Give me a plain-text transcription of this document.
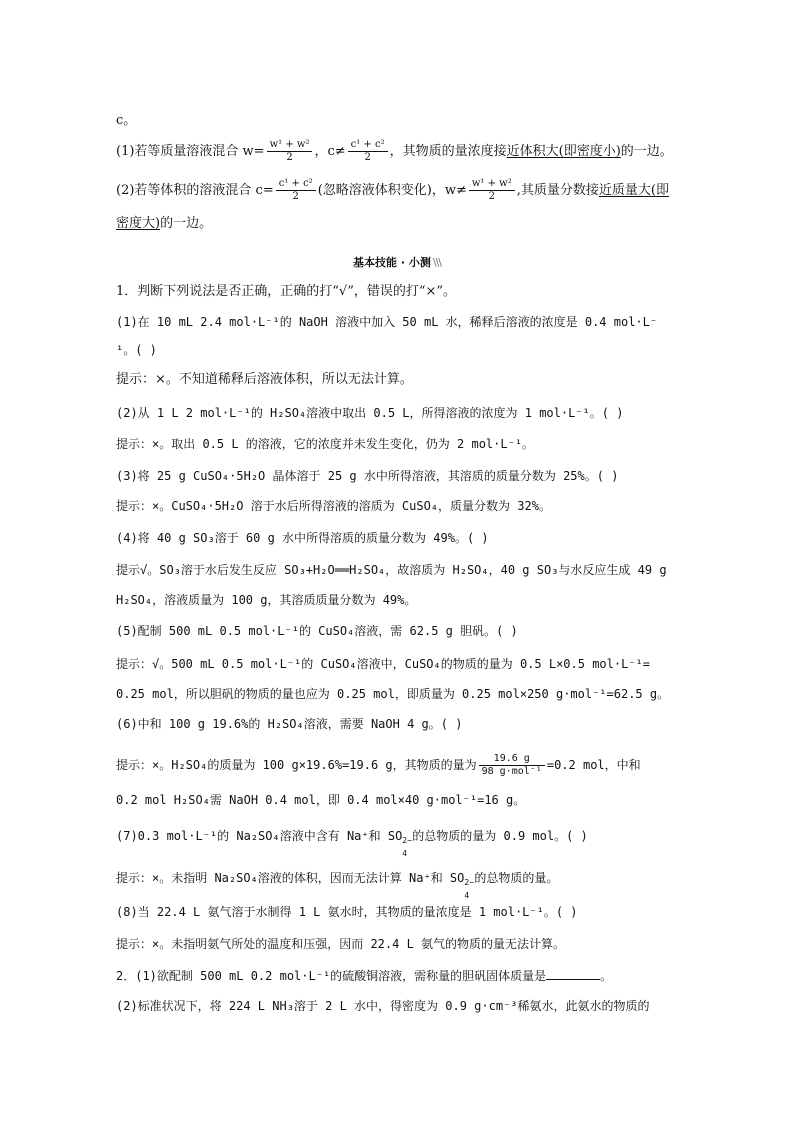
c。
(1)若等质量溶液混合 $w= \frac{\text{w¹ + w²}}{2}$ ，$c\ne \frac{\text{c¹ + c²}}{2}$ ，其物质的量浓度接近体积大(即密度小)的一边。
(2)若等体积的溶液混合 $c= \frac{\text{c¹ + c²}}{2}$ (忽略溶液体积变化)，$w\ne \frac{\text{w¹ + w²}}{2}$ ,其质量分数接近质量大(即
密度大)的一边。
基本技能 · 小测 \\\
1．判断下列说法是否正确，正确的打“√”，错误的打“×”。
(1)在 10 mL 2.4 mol·L⁻¹的 NaOH 溶液中加入 50 mL 水，稀释后溶液的浓度是 0.4 mol·L⁻
¹。( )
提示：×。不知道稀释后溶液体积，所以无法计算。
(2)从 1 L 2 mol·L⁻¹的 H₂SO₄溶液中取出 0.5 L，所得溶液的浓度为 1 mol·L⁻¹。( )
提示：×。取出 0.5 L 的溶液，它的浓度并未发生变化，仍为 2 mol·L⁻¹。
(3)将 25 g CuSO₄·5H₂O 晶体溶于 25 g 水中所得溶液，其溶质的质量分数为 25%。( )
提示：×。CuSO₄·5H₂O 溶于水后所得溶液的溶质为 CuSO₄，质量分数为 32%。
(4)将 40 g SO₃溶于 60 g 水中所得溶质的质量分数为 49%。( )
提示√。SO₃溶于水后发生反应 SO₃+H₂O══H₂SO₄，故溶质为 H₂SO₄，40 g SO₃与水反应生成 49 g
H₂SO₄，溶液质量为 100 g，其溶质质量分数为 49%。
(5)配制 500 mL 0.5 mol·L⁻¹的 CuSO₄溶液，需 62.5 g 胆矾。( )
提示：√。500 mL 0.5 mol·L⁻¹的 CuSO₄溶液中，CuSO₄的物质的量为 0.5 L×0.5 mol·L⁻¹=
0.25 mol，所以胆矾的物质的量也应为 0.25 mol，即质量为 0.25 mol×250 g·mol⁻¹=62.5 g。
(6)中和 100 g 19.6%的 H₂SO₄溶液，需要 NaOH 4 g。( )
提示：×。H₂SO₄的质量为 100 g×19.6%=19.6 g，其物质的量为 $\frac{19.6 g}{\text{98 g·mol⁻¹}} =0.2$ mol，中和
0.2 mol H₂SO₄需 NaOH 0.4 mol，即 0.4 mol×40 g·mol⁻¹=16 g。
(7)0.3 mol·L⁻¹的 Na₂SO₄溶液中含有 Na⁺和 SO 2−
4
的总物质的量为 0.9 mol。( )
提示：×。未指明 Na₂SO₄溶液的体积，因而无法计算 Na⁺和 SO 2−
4
的总物质的量。
(8)当 22.4 L 氨气溶于水制得 1 L 氨水时，其物质的量浓度是 1 mol·L⁻¹。( )
提示：×。未指明氨气所处的温度和压强，因而 22.4 L 氨气的物质的量无法计算。
2．(1)欲配制 500 mL 0.2 mol·L⁻¹的硫酸铜溶液，需称量的胆矾固体质量是	。
(2)标准状况下，将 224 L NH₃溶于 2 L 水中，得密度为 0.9 g·cm⁻³稀氨水，此氨水的物质的
